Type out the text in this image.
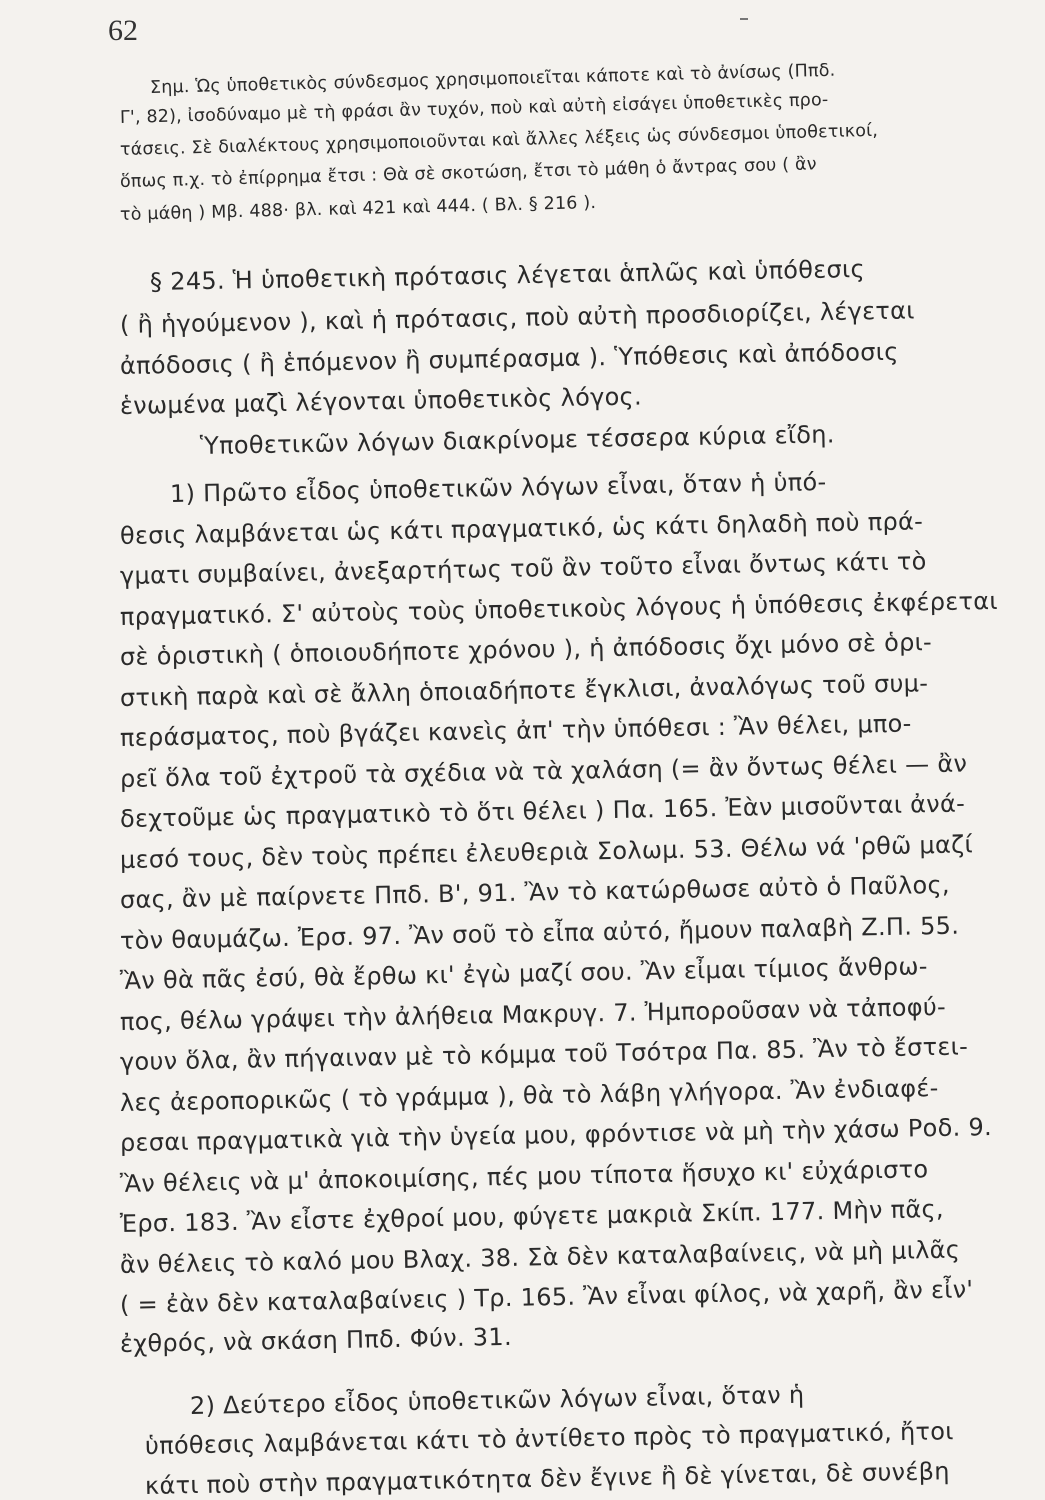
62
Σημ. Ὡς ὑποθετικὸς σύνδεσμος χρησιμοποιεῖται κάποτε καὶ τὸ ἀνίσως (Ππδ.
Γ', 82), ἰσοδύναμο μὲ τὴ φράσι ἂν τυχόν, ποὺ καὶ αὐτὴ εἰσάγει ὑποθετικὲς προ-
τάσεις. Σὲ διαλέκτους χρησιμοποιοῦνται καὶ ἄλλες λέξεις ὡς σύνδεσμοι ὑποθετικοί,
ὅπως π.χ. τὸ ἐπίρρημα ἔτσι : Θὰ σὲ σκοτώση, ἔτσι τὸ μάθη ὁ ἄντρας σου ( ἂν
τὸ μάθη ) Μβ. 488· βλ. καὶ 421 καὶ 444. ( Βλ. § 216 ).
§ 245. Ἡ ὑποθετικὴ πρότασις λέγεται ἁπλῶς καὶ ὑπόθεσις
( ἢ ἡγούμενον ), καὶ ἡ πρότασις, ποὺ αὐτὴ προσδιορίζει, λέγεται
ἀπόδοσις ( ἢ ἑπόμενον ἢ συμπέρασμα ). Ὑπόθεσις καὶ ἀπόδοσις
ἑνωμένα μαζὶ λέγονται ὑποθετικὸς λόγος.
Ὑποθετικῶν λόγων διακρίνομε τέσσερα κύρια εἴδη.
1) Πρῶτο εἶδος ὑποθετικῶν λόγων εἶναι, ὅταν ἡ ὑπό-
θεσις λαμβάνεται ὡς κάτι πραγματικό, ὡς κάτι δηλαδὴ ποὺ πρά-
γματι συμβαίνει, ἀνεξαρτήτως τοῦ ἂν τοῦτο εἶναι ὄντως κάτι τὸ
πραγματικό. Σ' αὐτοὺς τοὺς ὑποθετικοὺς λόγους ἡ ὑπόθεσις ἐκφέρεται
σὲ ὁριστικὴ ( ὁποιουδήποτε χρόνου ), ἡ ἀπόδοσις ὄχι μόνο σὲ ὁρι-
στικὴ παρὰ καὶ σὲ ἄλλη ὁποιαδήποτε ἔγκλισι, ἀναλόγως τοῦ συμ-
περάσματος, ποὺ βγάζει κανεὶς ἀπ' τὴν ὑπόθεσι : Ἂν θέλει, μπο-
ρεῖ ὅλα τοῦ ἐχτροῦ τὰ σχέδια νὰ τὰ χαλάση (= ἂν ὄντως θέλει — ἂν
δεχτοῦμε ὡς πραγματικὸ τὸ ὅτι θέλει ) Πα. 165. Ἐὰν μισοῦνται ἀνά-
μεσό τους, δὲν τοὺς πρέπει ἐλευθεριὰ Σολωμ. 53. Θέλω νά 'ρθῶ μαζί
σας, ἂν μὲ παίρνετε Ππδ. Β', 91. Ἂν τὸ κατώρθωσε αὐτὸ ὁ Παῦλος,
τὸν θαυμάζω. Ἐρσ. 97. Ἂν σοῦ τὸ εἶπα αὐτό, ἤμουν παλαβὴ Ζ.Π. 55.
Ἂν θὰ πᾶς ἐσύ, θὰ ἔρθω κι' ἐγὼ μαζί σου. Ἂν εἶμαι τίμιος ἄνθρω-
πος, θέλω γράψει τὴν ἀλήθεια Μακρυγ. 7. Ἠμποροῦσαν νὰ τἀποφύ-
γουν ὅλα, ἂν πήγαιναν μὲ τὸ κόμμα τοῦ Τσότρα Πα. 85. Ἂν τὸ ἔστει-
λες ἀεροπορικῶς ( τὸ γράμμα ), θὰ τὸ λάβη γλήγορα. Ἂν ἐνδιαφέ-
ρεσαι πραγματικὰ γιὰ τὴν ὑγεία μου, φρόντισε νὰ μὴ τὴν χάσω Ροδ. 9.
Ἂν θέλεις νὰ μ' ἀποκοιμίσης, πές μου τίποτα ἥσυχο κι' εὐχάριστο
Ἐρσ. 183. Ἂν εἶστε ἐχθροί μου, φύγετε μακριὰ Σκίπ. 177. Μὴν πᾶς,
ἂν θέλεις τὸ καλό μου Βλαχ. 38. Σὰ δὲν καταλαβαίνεις, νὰ μὴ μιλᾶς
( = ἐὰν δὲν καταλαβαίνεις ) Τρ. 165. Ἂν εἶναι φίλος, νὰ χαρῆ, ἂν εἶν'
ἐχθρός, νὰ σκάση Ππδ. Φύν. 31.
2) Δεύτερο εἶδος ὑποθετικῶν λόγων εἶναι, ὅταν ἡ
ὑπόθεσις λαμβάνεται κάτι τὸ ἀντίθετο πρὸς τὸ πραγματικό, ἤτοι
κάτι ποὺ στὴν πραγματικότητα δὲν ἔγινε ἢ δὲ γίνεται, δὲ συνέβη
